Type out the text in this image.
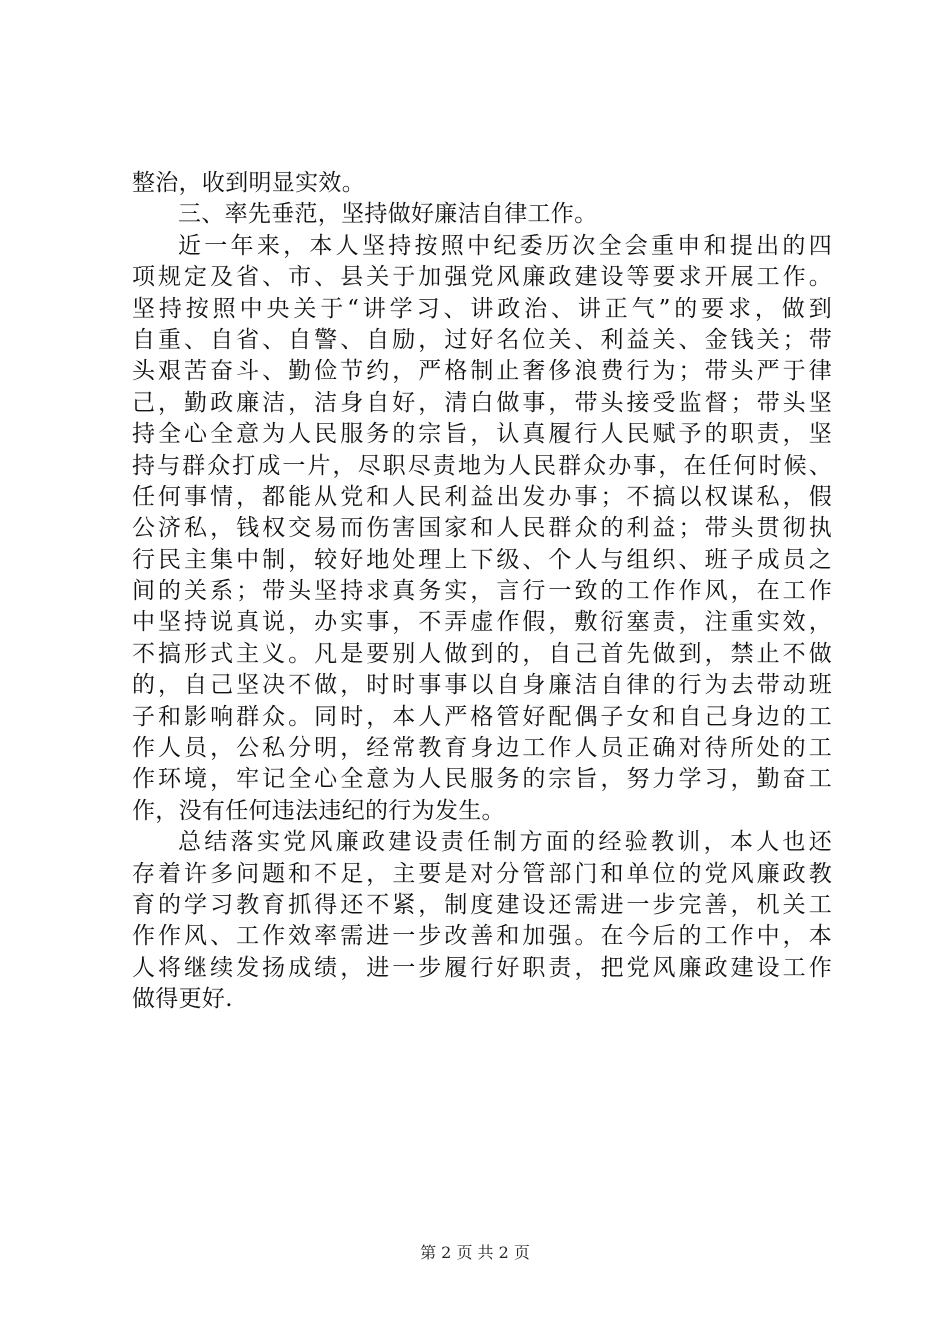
整治，收到明显实效。
三、率先垂范，坚持做好廉洁自律工作。
近一年来，本人坚持按照中纪委历次全会重申和提出的四
项规定及省、市、县关于加强党风廉政建设等要求开展工作。
坚持按照中央关于“讲学习、讲政治、讲正气”的要求，做到
自重、自省、自警、自励，过好名位关、利益关、金钱关；带
头艰苦奋斗、勤俭节约，严格制止奢侈浪费行为；带头严于律
己，勤政廉洁，洁身自好，清白做事，带头接受监督；带头坚
持全心全意为人民服务的宗旨，认真履行人民赋予的职责，坚
持与群众打成一片，尽职尽责地为人民群众办事，在任何时候、
任何事情，都能从党和人民利益出发办事；不搞以权谋私，假
公济私，钱权交易而伤害国家和人民群众的利益；带头贯彻执
行民主集中制，较好地处理上下级、个人与组织、班子成员之
间的关系；带头坚持求真务实，言行一致的工作作风，在工作
中坚持说真说，办实事，不弄虚作假，敷衍塞责，注重实效，
不搞形式主义。凡是要别人做到的，自己首先做到，禁止不做
的，自己坚决不做，时时事事以自身廉洁自律的行为去带动班
子和影响群众。同时，本人严格管好配偶子女和自己身边的工
作人员，公私分明，经常教育身边工作人员正确对待所处的工
作环境，牢记全心全意为人民服务的宗旨，努力学习，勤奋工
作，没有任何违法违纪的行为发生。
总结落实党风廉政建设责任制方面的经验教训，本人也还
存着许多问题和不足，主要是对分管部门和单位的党风廉政教
育的学习教育抓得还不紧，制度建设还需进一步完善，机关工
作作风、工作效率需进一步改善和加强。在今后的工作中，本
人将继续发扬成绩，进一步履行好职责，把党风廉政建设工作
做得更好.
第 2 页 共 2 页
